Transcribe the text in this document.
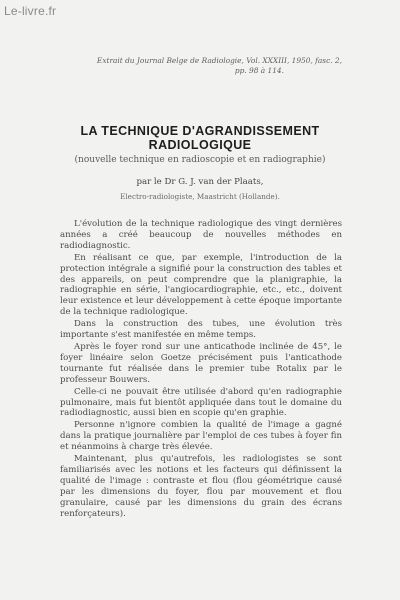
Le-livre.fr
Extrait du Journal Belge de Radiologie, Vol. XXXIII, 1950, fasc. 2,
pp. 98 à 114.
LA TECHNIQUE D'AGRANDISSEMENT
RADIOLOGIQUE
(nouvelle technique en radioscopie et en radiographie)
par le Dr G. J. van der Plaats,
Electro-radiologiste, Maastricht (Hollande).

L'évolution de la technique radiologique des vingt dernières années a créé beaucoup de nouvelles méthodes en radiodiagnostic.

En réalisant ce que, par exemple, l'introduction de la protection intégrale a signifié pour la construction des tables et des appareils, on peut comprendre que la planigraphie, la radiographie en série, l'angiocardiographie, etc., etc., doivent leur existence et leur développement à cette époque importante de la technique radiologique.

Dans la construction des tubes, une évolution très importante s'est manifestée en même temps.

Après le foyer rond sur une anticathode inclinée de 45°, le foyer linéaire selon Goetze précisément puis l'anticathode tournante fut réalisée dans le premier tube Rotalix par le professeur Bouwers.

Celle-ci ne pouvait être utilisée d'abord qu'en radiographie pulmonaire, mais fut bientôt appliquée dans tout le domaine du radiodiagnostic, aussi bien en scopie qu'en graphie.

Personne n'ignore combien la qualité de l'image a gagné dans la pratique journalière par l'emploi de ces tubes à foyer fin et néanmoins à charge très élevée.

Maintenant, plus qu'autrefois, les radiologistes se sont familiarisés avec les notions et les facteurs qui définissent la qualité de l'image : contraste et flou (flou géométrique causé par les dimensions du foyer, flou par mouvement et flou granulaire, causé par les dimensions du grain des écrans renforçateurs).
